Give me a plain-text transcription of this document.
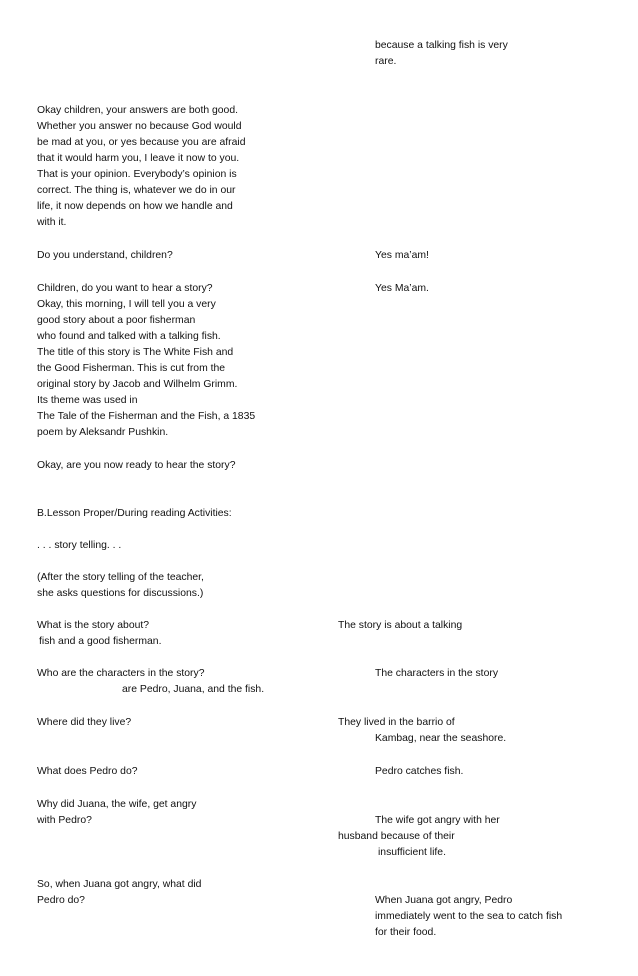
because a talking fish is very
rare.
Okay children, your answers are both good.
Whether you answer no because God would
be mad at you, or yes because you are afraid
that it would harm you, I leave it now to you.
That is your opinion. Everybody’s opinion is
correct. The thing is, whatever we do in our
life, it now depends on how we handle and
with it.
Do you understand, children?	Yes ma’am!
Children, do you want to hear a story?	Yes Ma’am.
Okay, this morning, I will tell you a very
good story about a poor fisherman
who found and talked with a talking fish.
The title of this story is The White Fish and
the Good Fisherman. This is cut from the
original story by Jacob and Wilhelm Grimm.
Its theme was used in
The Tale of the Fisherman and the Fish, a 1835
poem by Aleksandr Pushkin.
Okay, are you now ready to hear the story?
B.Lesson Proper/During reading Activities:
. . . story telling. . .
(After the story telling of the teacher,
she asks questions for discussions.)
What is the story about?	The story is about a talking
fish and a good fisherman.
Who are the characters in the story?	The characters in the story
are Pedro, Juana, and the fish.
Where did they live?	They lived in the barrio of
Kambag, near the seashore.
What does Pedro do?	Pedro catches fish.
Why did Juana, the wife, get angry
with Pedro?	The wife got angry with her
husband because of their
insufficient life.
So, when Juana got angry, what did
Pedro do?	When Juana got angry, Pedro
immediately went to the sea to catch fish
for their food.
